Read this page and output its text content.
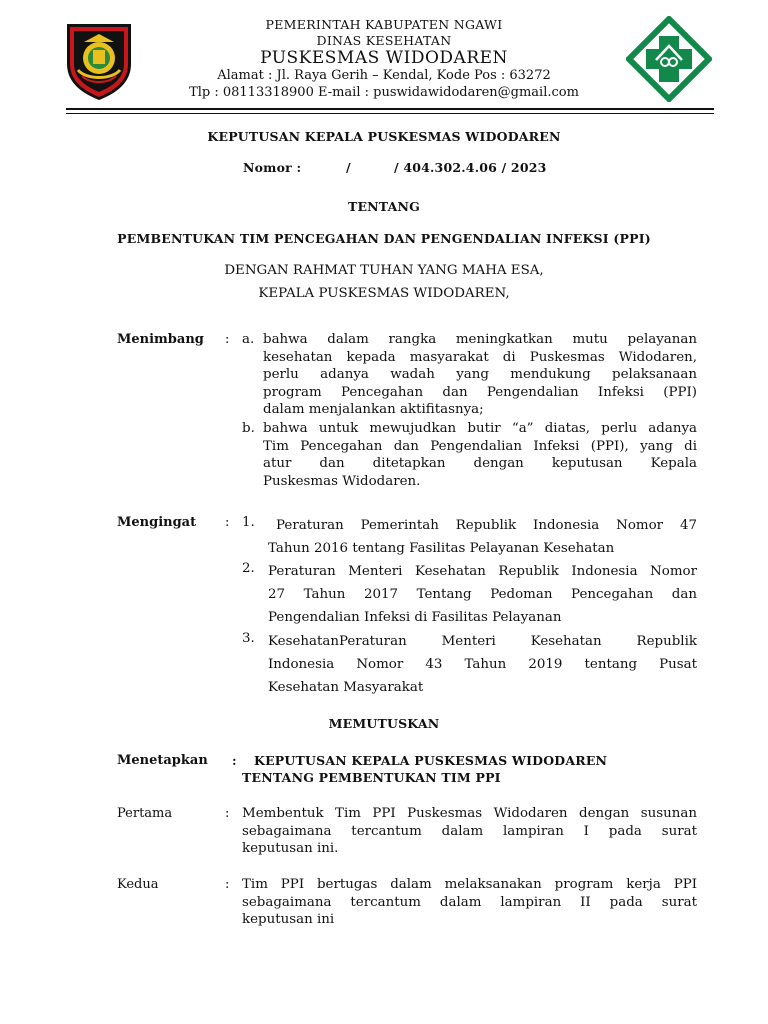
PEMERINTAH KABUPATEN NGAWI
DINAS KESEHATAN
PUSKESMAS WIDODAREN
Alamat : Jl. Raya Gerih – Kendal, Kode Pos : 63272
Tlp : 08113318900 E-mail : puswidawidodaren@gmail.com
KEPUTUSAN KEPALA PUSKESMAS WIDODAREN
Nomor :	/	/ 404.302.4.06 / 2023
TENTANG
PEMBENTUKAN TIM PENCEGAHAN DAN PENGENDALIAN INFEKSI (PPI)
DENGAN RAHMAT TUHAN YANG MAHA ESA,
KEPALA PUSKESMAS WIDODAREN,
Menimbang : a. bahwa dalam rangka meningkatkan mutu pelayanan
kesehatan kepada masyarakat di Puskesmas Widodaren,
perlu adanya wadah yang mendukung pelaksanaan
program Pencegahan dan Pengendalian Infeksi (PPI)
dalam menjalankan aktifitasnya;
b. bahwa untuk mewujudkan butir “a” diatas, perlu adanya
Tim Pencegahan dan Pengendalian Infeksi (PPI), yang di
atur dan ditetapkan dengan keputusan Kepala
Puskesmas Widodaren.
Mengingat : 1.	Peraturan Pemerintah Republik Indonesia Nomor 47
Tahun 2016 tentang Fasilitas Pelayanan Kesehatan
2. Peraturan Menteri Kesehatan Republik Indonesia Nomor
27 Tahun 2017 Tentang Pedoman Pencegahan dan
Pengendalian Infeksi di Fasilitas Pelayanan
3. KesehatanPeraturan Menteri Kesehatan Republik
Indonesia Nomor 43 Tahun 2019 tentang Pusat
Kesehatan Masyarakat
MEMUTUSKAN
Menetapkan : KEPUTUSAN KEPALA PUSKESMAS WIDODAREN
TENTANG PEMBENTUKAN TIM PPI
Pertama	: Membentuk Tim PPI Puskesmas Widodaren dengan susunan
sebagaimana tercantum dalam lampiran I pada surat
keputusan ini.
Kedua	: Tim PPI bertugas dalam melaksanakan program kerja PPI
sebagaimana tercantum dalam lampiran II pada surat
keputusan ini
